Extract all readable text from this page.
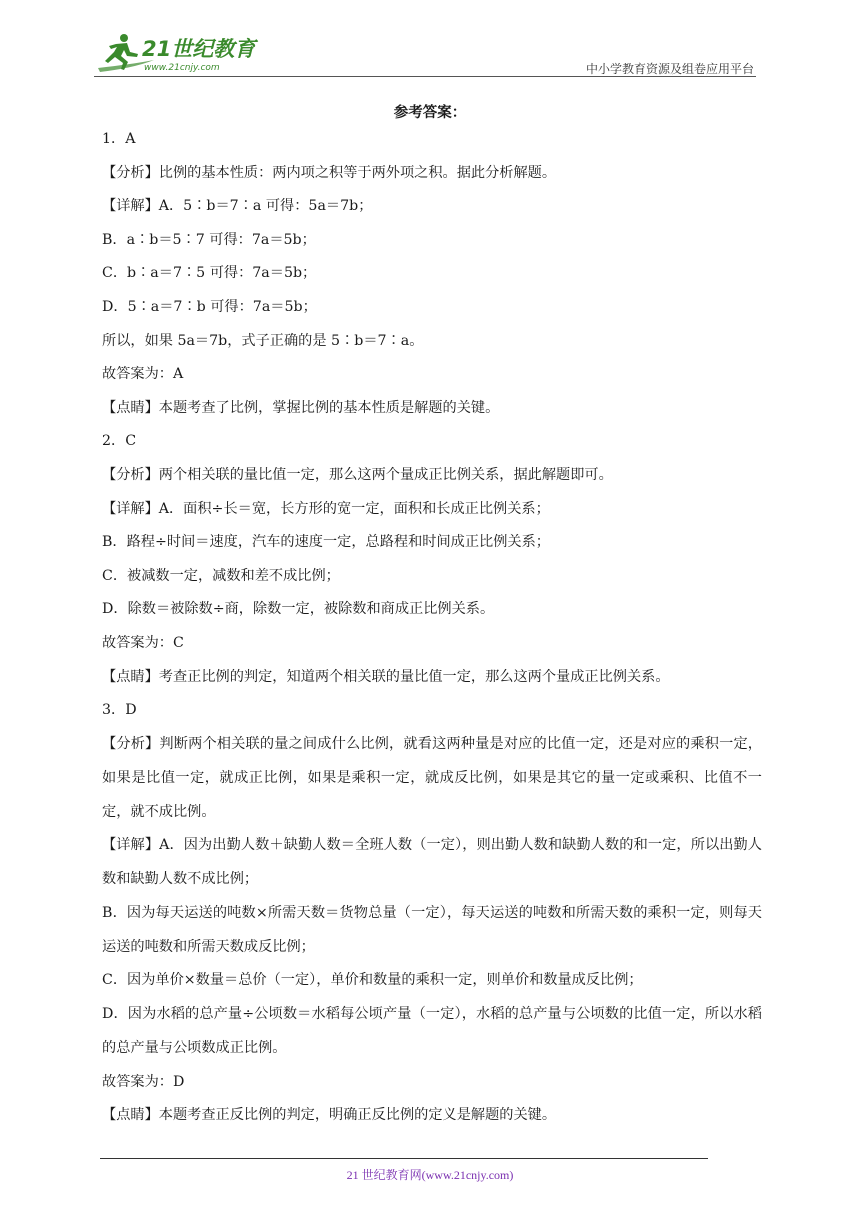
21世纪教育
www.21cnjy.com	中小学教育资源及组卷应用平台
参考答案：
1．A
【分析】比例的基本性质：两内项之积等于两外项之积。据此分析解题。
【详解】A．5∶b＝7∶a 可得：5a＝7b；
B．a∶b＝5∶7 可得：7a＝5b；
C．b∶a＝7∶5 可得：7a＝5b；
D．5∶a＝7∶b 可得：7a＝5b；
所以，如果 5a＝7b，式子正确的是 5∶b＝7∶a。
故答案为：A
【点睛】本题考查了比例，掌握比例的基本性质是解题的关键。
2．C
【分析】两个相关联的量比值一定，那么这两个量成正比例关系，据此解题即可。
【详解】A．面积÷长＝宽，长方形的宽一定，面积和长成正比例关系；
B．路程÷时间＝速度，汽车的速度一定，总路程和时间成正比例关系；
C．被减数一定，减数和差不成比例；
D．除数＝被除数÷商，除数一定，被除数和商成正比例关系。
故答案为：C
【点睛】考查正比例的判定，知道两个相关联的量比值一定，那么这两个量成正比例关系。
3．D
【分析】判断两个相关联的量之间成什么比例，就看这两种量是对应的比值一定，还是对应的乘积一定，如果是比值一定，就成正比例，如果是乘积一定，就成反比例，如果是其它的量一定或乘积、比值不一定，就不成比例。
【详解】A．因为出勤人数＋缺勤人数＝全班人数（一定），则出勤人数和缺勤人数的和一定，所以出勤人数和缺勤人数不成比例；
B．因为每天运送的吨数×所需天数＝货物总量（一定），每天运送的吨数和所需天数的乘积一定，则每天运送的吨数和所需天数成反比例；
C．因为单价×数量＝总价（一定），单价和数量的乘积一定，则单价和数量成反比例；
D．因为水稻的总产量÷公顷数＝水稻每公顷产量（一定），水稻的总产量与公顷数的比值一定，所以水稻的总产量与公顷数成正比例。
故答案为：D
【点睛】本题考查正反比例的判定，明确正反比例的定义是解题的关键。
21 世纪教育网(www.21cnjy.com)
